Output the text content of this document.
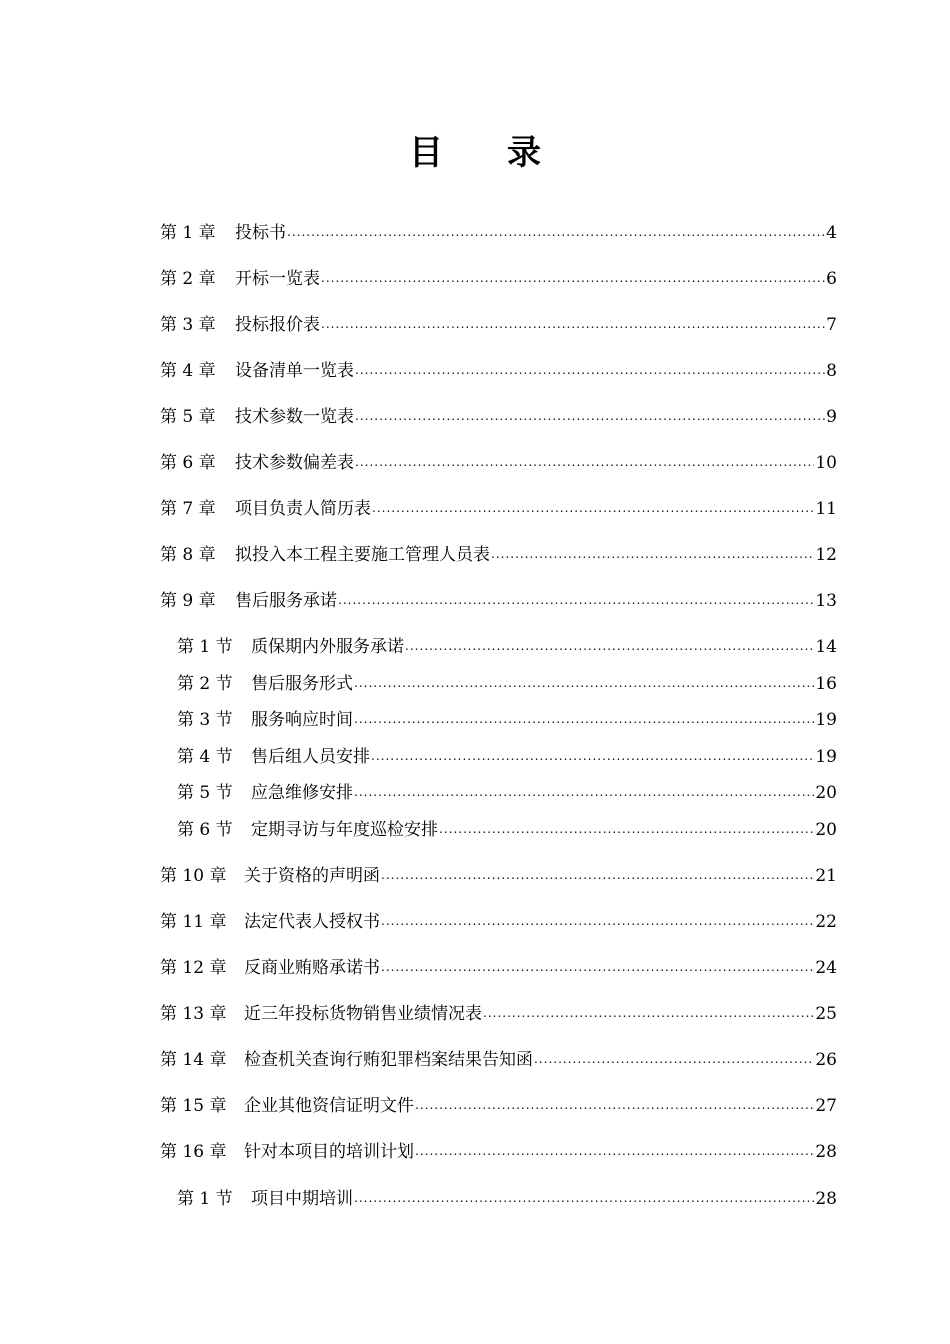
目 录
第 1 章	投标书 .....	4
第 2 章	开标一览表 .....	6
第 3 章	投标报价表 .....	7
第 4 章	设备清单一览表 .....	8
第 5 章	技术参数一览表 .....	9
第 6 章	技术参数偏差表 .....	10
第 7 章	项目负责人简历表 .....	11
第 8 章	拟投入本工程主要施工管理人员表 .....	12
第 9 章	售后服务承诺 .....	13
第 1 节	质保期内外服务承诺 .....	14
第 2 节	售后服务形式 .....	16
第 3 节	服务响应时间 .....	19
第 4 节	售后组人员安排 .....	19
第 5 节	应急维修安排 .....	20
第 6 节	定期寻访与年度巡检安排 .....	20
第 10 章	关于资格的声明函 .....	21
第 11 章	法定代表人授权书 .....	22
第 12 章	反商业贿赂承诺书 .....	24
第 13 章	近三年投标货物销售业绩情况表 .....	25
第 14 章	检查机关查询行贿犯罪档案结果告知函 .....	26
第 15 章	企业其他资信证明文件 .....	27
第 16 章	针对本项目的培训计划 .....	28
第 1 节	项目中期培训 .....	28
